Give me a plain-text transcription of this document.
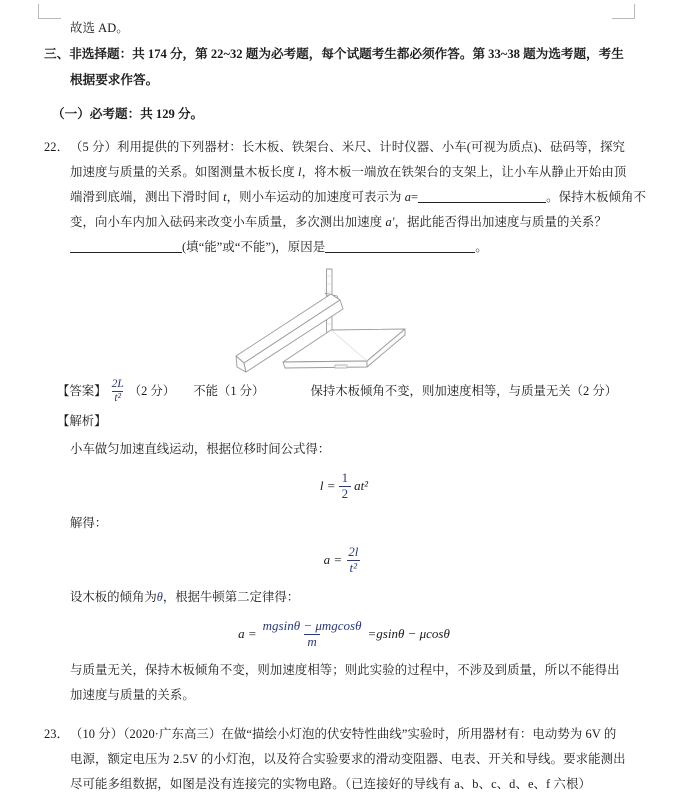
故选 AD。

三、非选择题：共 174 分，第 22~32 题为必考题，每个试题考生都必须作答。第 33~38 题为选考题，考生

根据要求作答。

（一）必考题：共 129 分。

22．（5 分）利用提供的下列器材：长木板、铁架台、米尺、计时仪器、小车(可视为质点)、砝码等，探究

加速度与质量的关系。如图测量木板长度 l，将木板一端放在铁架台的支架上，让小车从静止开始由顶

端滑到底端，测出下滑时间 t，则小车运动的加速度可表示为 a=	。保持木板倾角不

变，向小车内加入砝码来改变小车质量，多次测出加速度 a′，据此能否得出加速度与质量的关系？

(填“能”或“不能”)，原因是	。

【答案】 $\frac{2L}{\text{t²}} (2$ 分） 不能（1 分）	保持木板倾角不变，则加速度相等，与质量无关（2 分）

【解析】

小车做匀加速直线运动，根据位移时间公式得：

$l = \frac{1}{2} at^2$

解得：

$a = \frac{2l}{\text{t²}}$

设木板的倾角为θ，根据牛顿第二定律得：

$a = \frac{\text{mgsinθ − μmgcosθ}}{m} =gsin\theta - \mu\cos\theta$

与质量无关，保持木板倾角不变，则加速度相等；则此实验的过程中，不涉及到质量，所以不能得出

加速度与质量的关系。

23．（10 分）（2020·广东高三）在做“描绘小灯泡的伏安特性曲线”实验时，所用器材有：电动势为 6V 的

电源，额定电压为 2.5V 的小灯泡，以及符合实验要求的滑动变阻器、电表、开关和导线。要求能测出

尽可能多组数据，如图是没有连接完的实物电路。（已连接好的导线有 a、b、c、d、e、f 六根）
